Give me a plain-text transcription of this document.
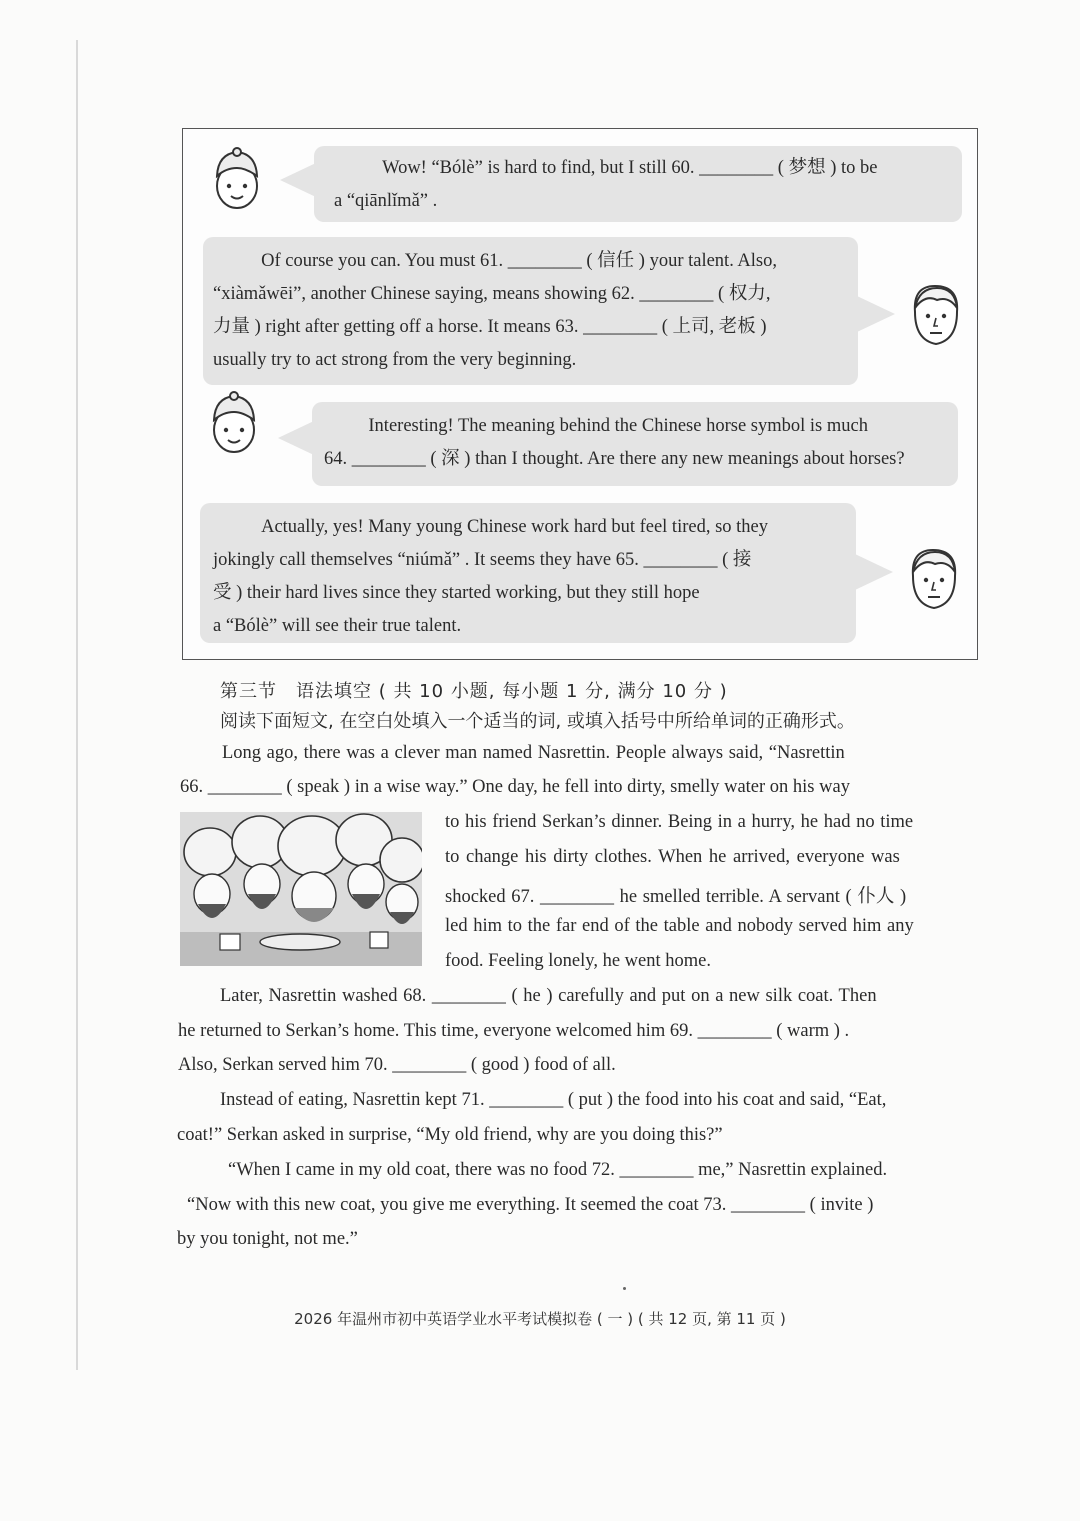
Wow! “Bólè” is hard to find, but I still 60. ________ ( 梦想 ) to be

a “qiānlǐmǎ” .

Of course you can. You must 61. ________ ( 信任 ) your talent. Also,

“xiàmǎwēi”, another Chinese saying, means showing 62. ________ ( 权力,

力量 ) right after getting off a horse. It means 63. ________ ( 上司, 老板 )

usually try to act strong from the very beginning.

Interesting! The meaning behind the Chinese horse symbol is much

64. ________ ( 深 ) than I thought. Are there any new meanings about horses?

Actually, yes! Many young Chinese work hard but feel tired, so they

jokingly call themselves “niúmǎ” . It seems they have 65. ________ ( 接

受 ) their hard lives since they started working, but they still hope

a “Bólè” will see their true talent.

第三节　语法填空 ( 共 10 小题, 每小题 1 分, 满分 10 分 )
阅读下面短文, 在空白处填入一个适当的词, 或填入括号中所给单词的正确形式。
Long ago, there was a clever man named Nasrettin. People always said, “Nasrettin
66. ________ ( speak ) in a wise way.” One day, he fell into dirty, smelly water on his way
to his friend Serkan’s dinner. Being in a hurry, he had no time
to change his dirty clothes. When he arrived, everyone was
shocked 67. ________ he smelled terrible. A servant ( 仆人 )
led him to the far end of the table and nobody served him any
food. Feeling lonely, he went home.
Later, Nasrettin washed 68. ________ ( he ) carefully and put on a new silk coat. Then
he returned to Serkan’s home. This time, everyone welcomed him 69. ________ ( warm ) .
Also, Serkan served him 70. ________ ( good ) food of all.
Instead of eating, Nasrettin kept 71. ________ ( put ) the food into his coat and said, “Eat,
coat!” Serkan asked in surprise, “My old friend, why are you doing this?”
“When I came in my old coat, there was no food 72. ________ me,” Nasrettin explained.
“Now with this new coat, you give me everything. It seemed the coat 73. ________ ( invite )
by you tonight, not me.”
2026 年温州市初中英语学业水平考试模拟卷 ( 一 ) ( 共 12 页, 第 11 页 )
